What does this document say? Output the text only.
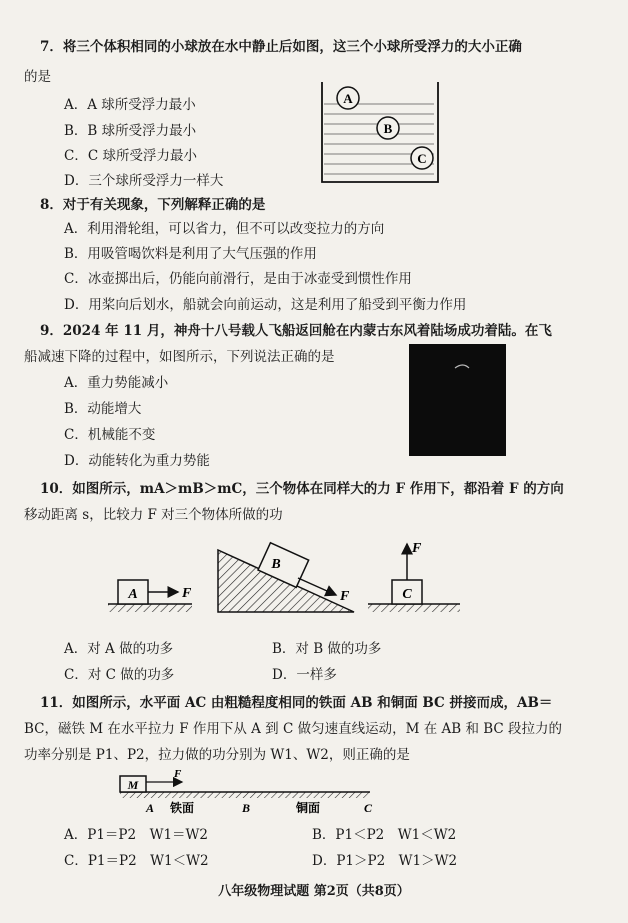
7．将三个体积相同的小球放在水中静止后如图，这三个小球所受浮力的大小正确
的是
A．A 球所受浮力最小
B．B 球所受浮力最小
C．C 球所受浮力最小
D．三个球所受浮力一样大
A
B
C
8．对于有关现象，下列解释正确的是
A．利用滑轮组，可以省力，但不可以改变拉力的方向
B．用吸管喝饮料是利用了大气压强的作用
C．冰壶掷出后，仍能向前滑行，是由于冰壶受到惯性作用
D．用桨向后划水，船就会向前运动，这是利用了船受到平衡力作用
9．2024 年 11 月，神舟十八号载人飞船返回舱在内蒙古东风着陆场成功着陆。在飞
船减速下降的过程中，如图所示，下列说法正确的是
A．重力势能减小
B．动能增大
C．机械能不变
D．动能转化为重力势能
10．如图所示，mA＞mB＞mC，三个物体在同样大的力 F 作用下，都沿着 F 的方向
移动距离 s，比较力 F 对三个物体所做的功
A	F
B
F	C
F
A．对 A 做的功多	B．对 B 做的功多
C．对 C 做的功多	D．一样多
11．如图所示，水平面 AC 由粗糙程度相同的铁面 AB 和铜面 BC 拼接而成，AB＝
BC，磁铁 M 在水平拉力 F 作用下从 A 到 C 做匀速直线运动，M 在 AB 和 BC 段拉力的
功率分别是 P1、P2，拉力做的功分别为 W1、W2，则正确的是
M
F
A 铁面	B	铜面	C
A．P1＝P2　W1＝W2	B．P1＜P2　W1＜W2
C．P1＝P2　W1＜W2	D．P1＞P2　W1＞W2
八年级物理试题 第2页（共8页）
